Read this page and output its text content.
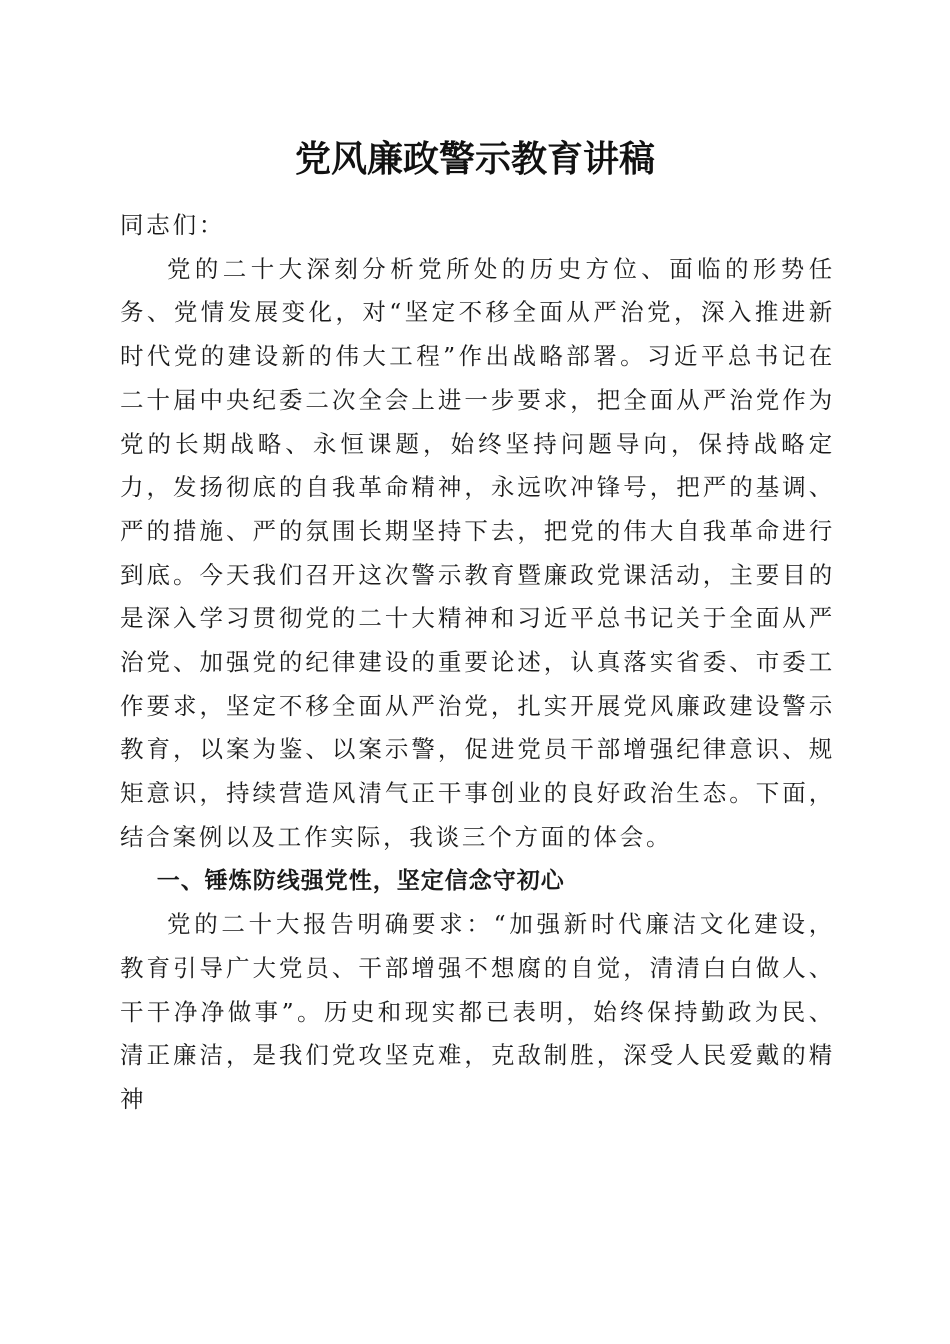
党风廉政警示教育讲稿

同志们：

党的二十大深刻分析党所处的历史方位、面临的形势任务、党情发展变化，对“坚定不移全面从严治党，深入推进新时代党的建设新的伟大工程”作出战略部署。习近平总书记在二十届中央纪委二次全会上进一步要求，把全面从严治党作为党的长期战略、永恒课题，始终坚持问题导向，保持战略定力，发扬彻底的自我革命精神，永远吹冲锋号，把严的基调、严的措施、严的氛围长期坚持下去，把党的伟大自我革命进行到底。今天我们召开这次警示教育暨廉政党课活动，主要目的是深入学习贯彻党的二十大精神和习近平总书记关于全面从严治党、加强党的纪律建设的重要论述，认真落实省委、市委工作要求，坚定不移全面从严治党，扎实开展党风廉政建设警示教育，以案为鉴、以案示警，促进党员干部增强纪律意识、规矩意识，持续营造风清气正干事创业的良好政治生态。下面，结合案例以及工作实际，我谈三个方面的体会。

一、锤炼防线强党性，坚定信念守初心

党的二十大报告明确要求：“加强新时代廉洁文化建设，教育引导广大党员、干部增强不想腐的自觉，清清白白做人、干干净净做事”。历史和现实都已表明，始终保持勤政为民、清正廉洁，是我们党攻坚克难，克敌制胜，深受人民爱戴的精神
